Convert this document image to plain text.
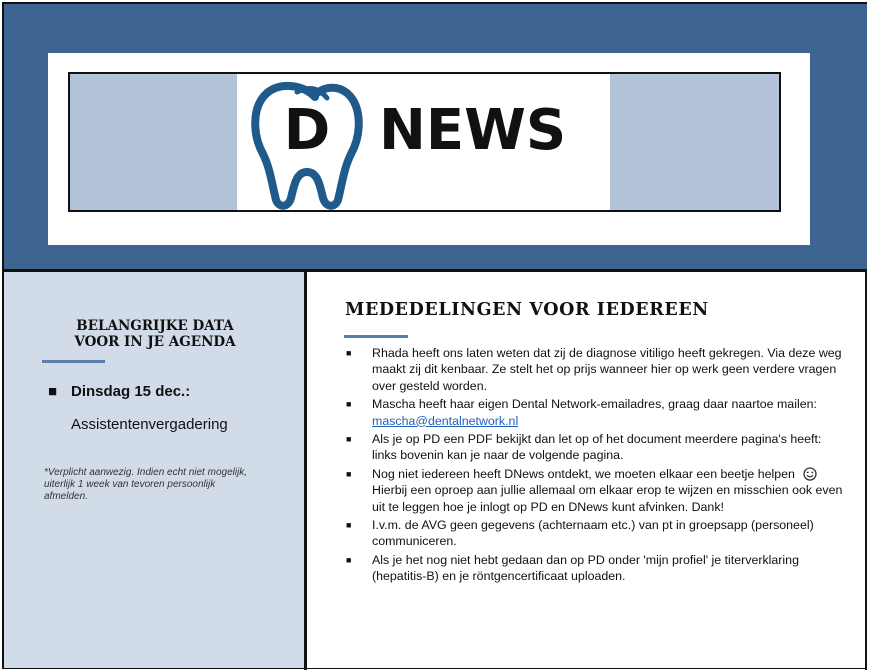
D NEWS
BELANGRIJKE DATA
VOOR IN JE AGENDA
■ Dinsdag 15 dec.:
Assistentenvergadering
*Verplicht aanwezig. Indien echt niet mogelijk, uiterlijk 1 week van tevoren persoonlijk afmelden.
MEDEDELINGEN VOOR IEDEREEN
■ Rhada heeft ons laten weten dat zij de diagnose vitiligo heeft gekregen. Via deze weg maakt zij dit kenbaar. Ze stelt het op prijs wanneer hier op werk geen verdere vragen over gesteld worden.
■ Mascha heeft haar eigen Dental Network-emailadres, graag daar naartoe mailen:
mascha@dentalnetwork.nl
■ Als je op PD een PDF bekijkt dan let op of het document meerdere pagina's heeft: links bovenin kan je naar de volgende pagina.
■ Nog niet iedereen heeft DNews ontdekt, we moeten elkaar een beetje helpen  Hierbij een oproep aan jullie allemaal om elkaar erop te wijzen en misschien ook even uit te leggen hoe je inlogt op PD en DNews kunt afvinken. Dank!
■ I.v.m. de AVG geen gegevens (achternaam etc.) van pt in groepsapp (personeel) communiceren.
■ Als je het nog niet hebt gedaan dan op PD onder 'mijn profiel' je titerverklaring (hepatitis-B) en je röntgencertificaat uploaden.
